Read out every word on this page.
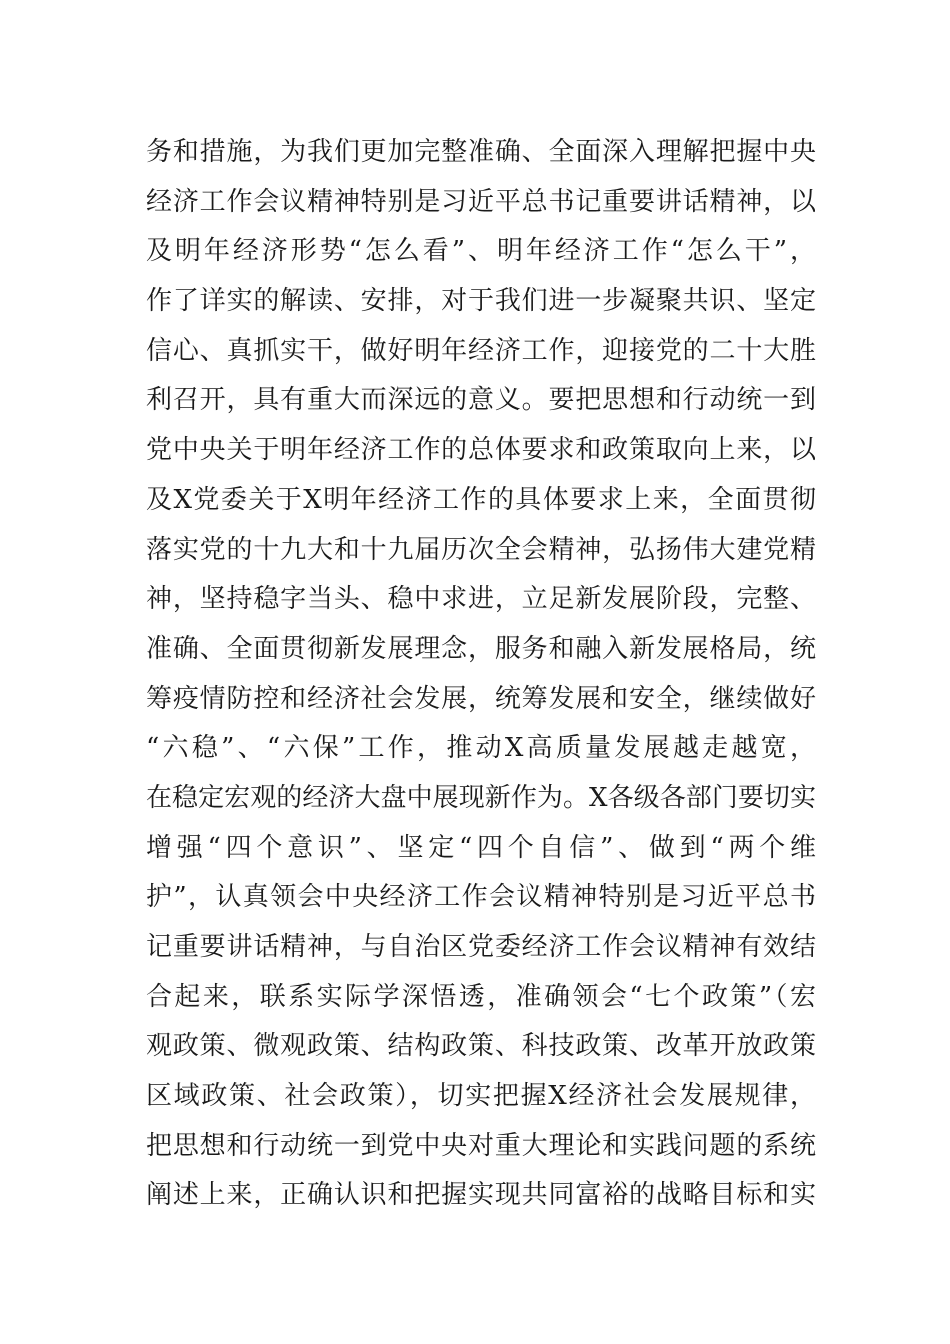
务和措施，为我们更加完整准确、全面深入理解把握中央
经济工作会议精神特别是习近平总书记重要讲话精神，以
及明年经济形势“怎么看”、明年经济工作“怎么干”，
作了详实的解读、安排，对于我们进一步凝聚共识、坚定
信心、真抓实干，做好明年经济工作，迎接党的二十大胜
利召开，具有重大而深远的意义。要把思想和行动统一到
党中央关于明年经济工作的总体要求和政策取向上来，以
及X党委关于X明年经济工作的具体要求上来，全面贯彻
落实党的十九大和十九届历次全会精神，弘扬伟大建党精
神，坚持稳字当头、稳中求进，立足新发展阶段，完整、
准确、全面贯彻新发展理念，服务和融入新发展格局，统
筹疫情防控和经济社会发展，统筹发展和安全，继续做好
“六稳”、“六保”工作，推动X高质量发展越走越宽，
在稳定宏观的经济大盘中展现新作为。X各级各部门要切实
增强“四个意识”、坚定“四个自信”、做到“两个维
护”，认真领会中央经济工作会议精神特别是习近平总书
记重要讲话精神，与自治区党委经济工作会议精神有效结
合起来，联系实际学深悟透，准确领会“七个政策”（宏
观政策、微观政策、结构政策、科技政策、改革开放政策
区域政策、社会政策），切实把握X经济社会发展规律，
把思想和行动统一到党中央对重大理论和实践问题的系统
阐述上来，正确认识和把握实现共同富裕的战略目标和实
